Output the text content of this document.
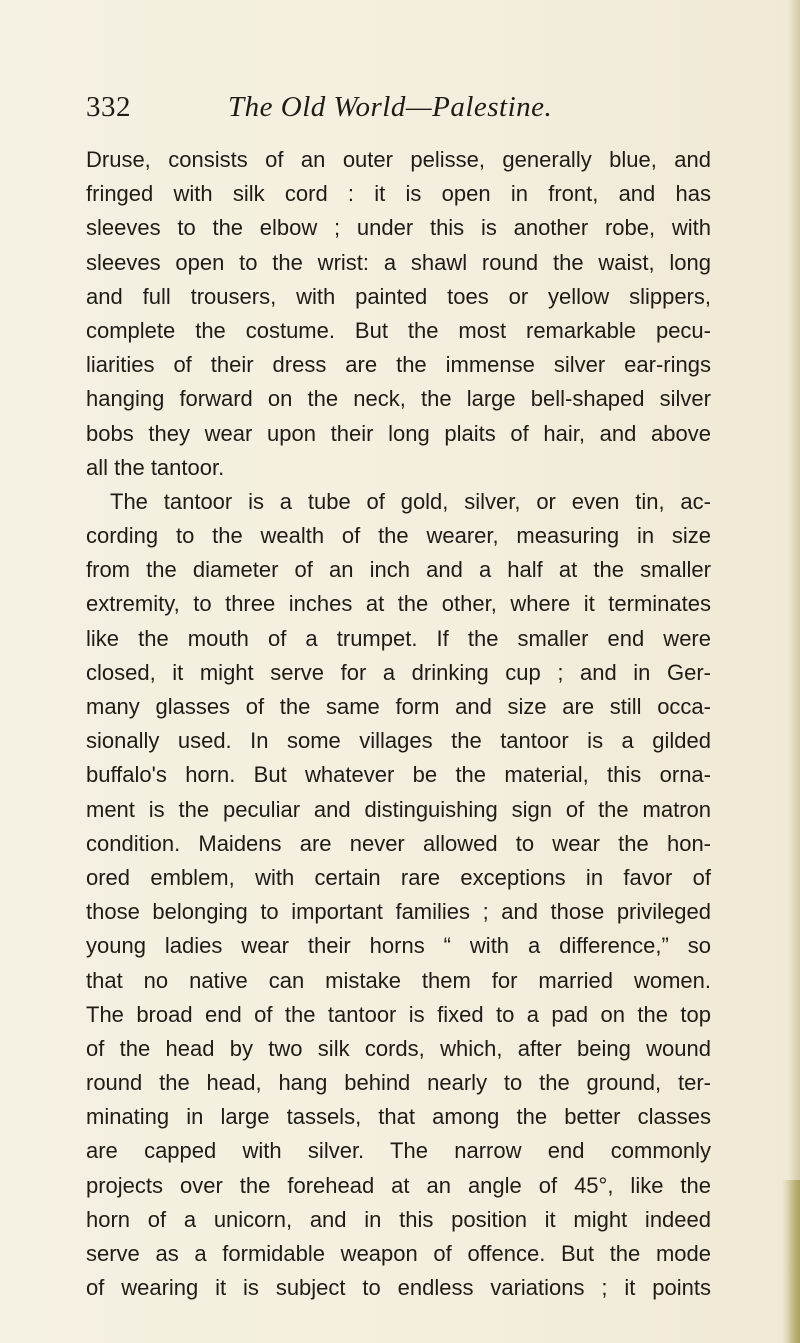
332	The Old World—Palestine.
Druse, consists of an outer pelisse, generally blue, and
fringed with silk cord : it is open in front, and has
sleeves to the elbow ; under this is another robe, with
sleeves open to the wrist: a shawl round the waist, long
and full trousers, with painted toes or yellow slippers,
complete the costume. But the most remarkable pecu-
liarities of their dress are the immense silver ear-rings
hanging forward on the neck, the large bell-shaped silver
bobs they wear upon their long plaits of hair, and above
all the tantoor.
The tantoor is a tube of gold, silver, or even tin, ac-
cording to the wealth of the wearer, measuring in size
from the diameter of an inch and a half at the smaller
extremity, to three inches at the other, where it terminates
like the mouth of a trumpet. If the smaller end were
closed, it might serve for a drinking cup ; and in Ger-
many glasses of the same form and size are still occa-
sionally used. In some villages the tantoor is a gilded
buffalo's horn. But whatever be the material, this orna-
ment is the peculiar and distinguishing sign of the matron
condition. Maidens are never allowed to wear the hon-
ored emblem, with certain rare exceptions in favor of
those belonging to important families ; and those privileged
young ladies wear their horns “ with a difference,” so
that no native can mistake them for married women.
The broad end of the tantoor is fixed to a pad on the top
of the head by two silk cords, which, after being wound
round the head, hang behind nearly to the ground, ter-
minating in large tassels, that among the better classes
are capped with silver. The narrow end commonly
projects over the forehead at an angle of 45°, like the
horn of a unicorn, and in this position it might indeed
serve as a formidable weapon of offence. But the mode
of wearing it is subject to endless variations ; it points
